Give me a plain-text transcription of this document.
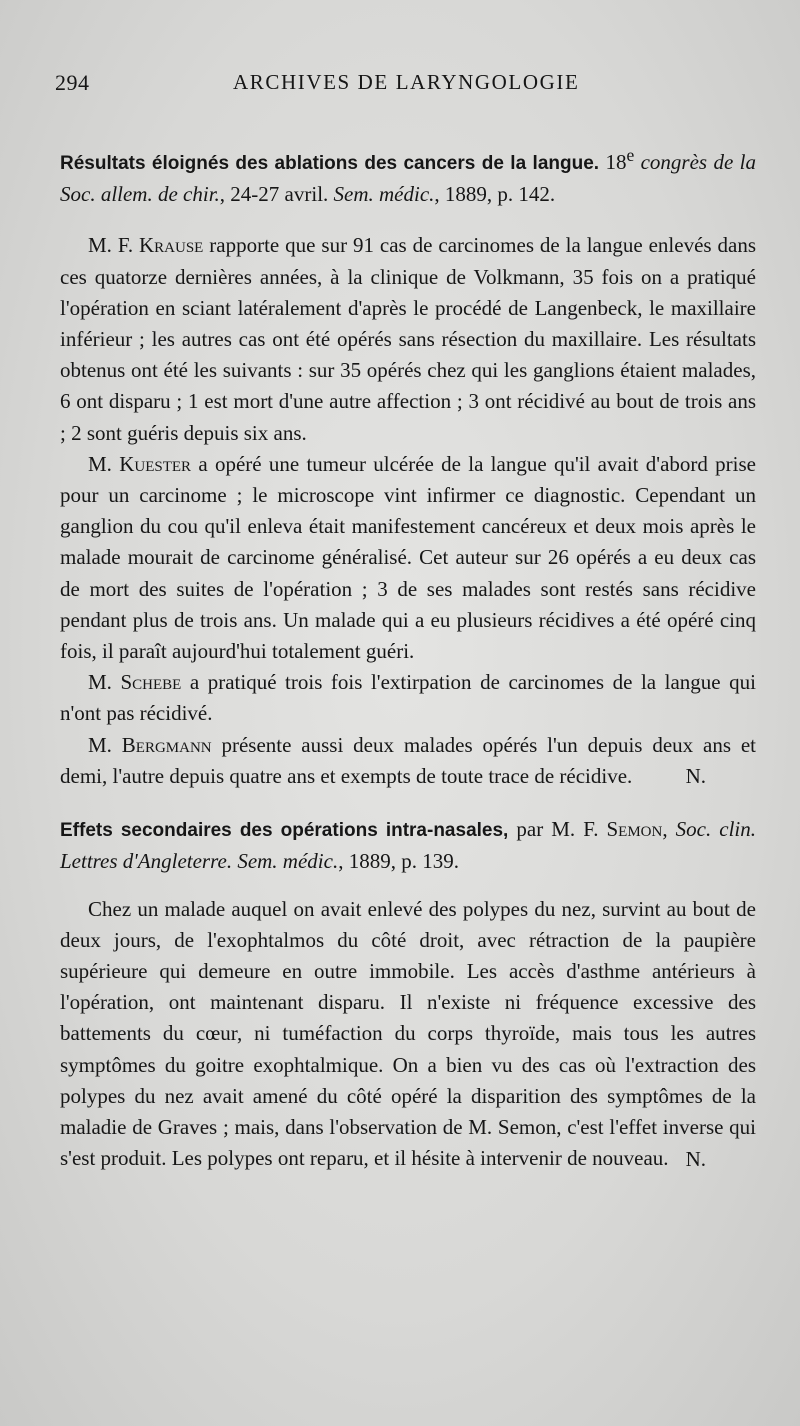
294	ARCHIVES DE LARYNGOLOGIE

Résultats éloignés des ablations des cancers de la langue. 18e congrès de la Soc. allem. de chir., 24-27 avril. Sem. médic., 1889, p. 142.

M. F. Krause rapporte que sur 91 cas de carcinomes de la langue enlevés dans ces quatorze dernières années, à la clinique de Volkmann, 35 fois on a pratiqué l'opération en sciant latéralement d'après le procédé de Langenbeck, le maxillaire inférieur ; les autres cas ont été opérés sans résection du maxillaire. Les résultats obtenus ont été les suivants : sur 35 opérés chez qui les ganglions étaient malades, 6 ont disparu ; 1 est mort d'une autre affection ; 3 ont récidivé au bout de trois ans ; 2 sont guéris depuis six ans.

M. Kuester a opéré une tumeur ulcérée de la langue qu'il avait d'abord prise pour un carcinome ; le microscope vint infirmer ce diagnostic. Cependant un ganglion du cou qu'il enleva était manifestement cancéreux et deux mois après le malade mourait de carcinome généralisé. Cet auteur sur 26 opérés a eu deux cas de mort des suites de l'opération ; 3 de ses malades sont restés sans récidive pendant plus de trois ans. Un malade qui a eu plusieurs récidives a été opéré cinq fois, il paraît aujourd'hui totalement guéri.

M. Schebe a pratiqué trois fois l'extirpation de carcinomes de la langue qui n'ont pas récidivé.

M. Bergmann présente aussi deux malades opérés l'un depuis deux ans et demi, l'autre depuis quatre ans et exempts de toute trace de récidive.	N.

Effets secondaires des opérations intra-nasales, par M. F. Semon, Soc. clin. Lettres d'Angleterre. Sem. médic., 1889, p. 139.

Chez un malade auquel on avait enlevé des polypes du nez, survint au bout de deux jours, de l'exophtalmos du côté droit, avec rétraction de la paupière supérieure qui demeure en outre immobile. Les accès d'asthme antérieurs à l'opération, ont maintenant disparu. Il n'existe ni fréquence excessive des battements du cœur, ni tuméfaction du corps thyroïde, mais tous les autres symptômes du goitre exophtalmique. On a bien vu des cas où l'extraction des polypes du nez avait amené du côté opéré la disparition des symptômes de la maladie de Graves ; mais, dans l'observation de M. Semon, c'est l'effet inverse qui s'est produit. Les polypes ont reparu, et il hésite à intervenir de nouveau. N.
